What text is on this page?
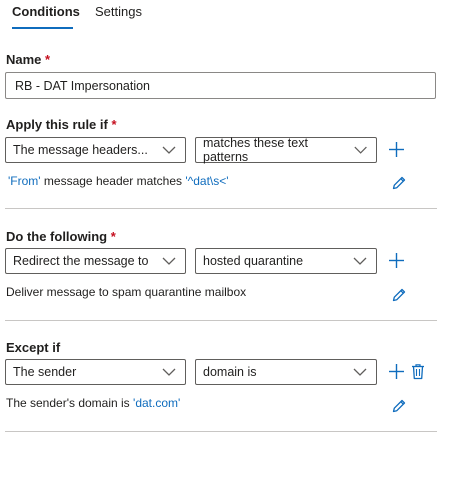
Conditions Settings
Name *
RB - DAT Impersonation
Apply this rule if *
The message headers...	matches these text patterns
'From' message header matches '^dat\s<'
Do the following *
Redirect the message to	hosted quarantine
Deliver message to spam quarantine mailbox
Except if
The sender	domain is
The sender's domain is 'dat.com'
